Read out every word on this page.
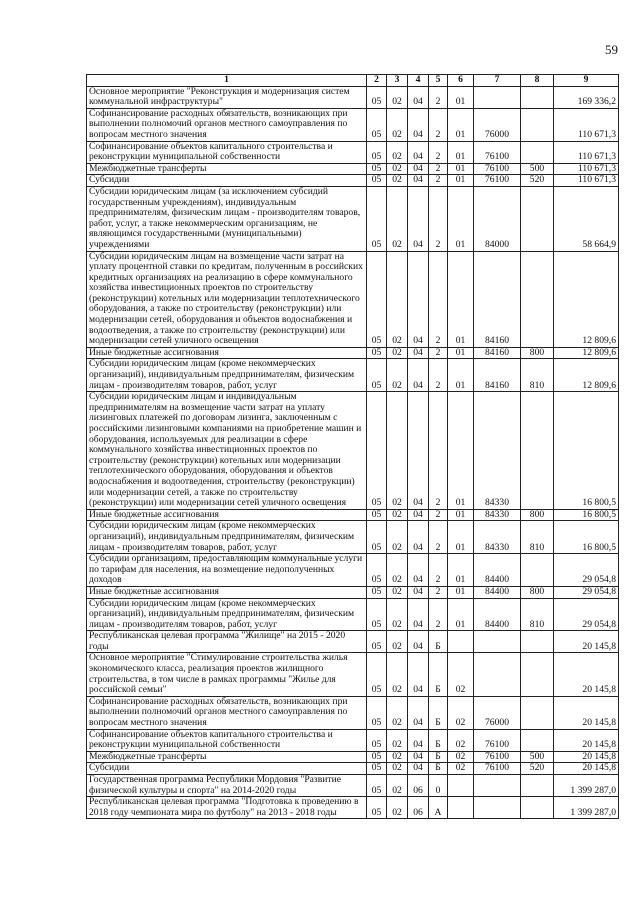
59
1	2	3	4	5	6	7	8	9
Основное мероприятие "Реконструкция и модернизация систем коммунальной инфраструктуры"	05	02	04	2	01			169 336,2
Софинансирование расходных обязательств, возникающих при выполнении полномочий органов местного самоуправления по вопросам местного значения	05	02	04	2	01	76000		110 671,3
Софинансирование объектов капитального строительства и реконструкции муниципальной собственности	05	02	04	2	01	76100		110 671,3
Межбюджетные трансферты	05	02	04	2	01	76100	500	110 671,3
Субсидии	05	02	04	2	01	76100	520	110 671,3
Субсидии юридическим лицам (за исключением субсидий государственным учреждениям), индивидуальным предпринимателям, физическим лицам - производителям товаров, работ, услуг, а также некоммерческим организациям, не являющимся государственными (муниципальными) учреждениями	05	02	04	2	01	84000		58 664,9
Субсидии юридическим лицам на возмещение части затрат на уплату процентной ставки по кредитам, полученным в российских кредитных организациях на реализацию в сфере коммунального хозяйства инвестиционных проектов по строительству (реконструкции) котельных или модернизации теплотехнического оборудования, а также по строительству (реконструкции) или модернизации сетей, оборудования и объектов водоснабжения и водоотведения, а также по строительству (реконструкции) или модернизации сетей уличного освещения	05	02	04	2	01	84160		12 809,6
Иные бюджетные ассигнования	05	02	04	2	01	84160	800	12 809,6
Субсидии юридическим лицам (кроме некоммерческих организаций), индивидуальным предпринимателям, физическим лицам - производителям товаров, работ, услуг	05	02	04	2	01	84160	810	12 809,6
Субсидии юридическим лицам и индивидуальным предпринимателям на возмещение части затрат на уплату лизинговых платежей по договорам лизинга, заключенным с российскими лизинговыми компаниями на приобретение машин и оборудования, используемых для реализации в сфере коммунального хозяйства инвестиционных проектов по строительству (реконструкции) котельных или модернизации теплотехнического оборудования, оборудования и объектов водоснабжения и водоотведения, строительству (реконструкции) или модернизации сетей, а также по строительству (реконструкции) или модернизации сетей уличного освещения	05	02	04	2	01	84330		16 800,5
Иные бюджетные ассигнования	05	02	04	2	01	84330	800	16 800,5
Субсидии юридическим лицам (кроме некоммерческих организаций), индивидуальным предпринимателям, физическим лицам - производителям товаров, работ, услуг	05	02	04	2	01	84330	810	16 800,5
Субсидии организациям, предоставляющим коммунальные услуги по тарифам для населения, на возмещение недополученных доходов	05	02	04	2	01	84400		29 054,8
Иные бюджетные ассигнования	05	02	04	2	01	84400	800	29 054,8
Субсидии юридическим лицам (кроме некоммерческих организаций), индивидуальным предпринимателям, физическим лицам - производителям товаров, работ, услуг	05	02	04	2	01	84400	810	29 054,8
Республиканская целевая программа "Жилище" на 2015 - 2020 годы	05	02	04	Б				20 145,8
Основное мероприятие "Стимулирование строительства жилья экономического класса, реализация проектов жилищного строительства, в том числе в рамках программы "Жилье для российской семьи"	05	02	04	Б	02			20 145,8
Софинансирование расходных обязательств, возникающих при выполнении полномочий органов местного самоуправления по вопросам местного значения	05	02	04	Б	02	76000		20 145,8
Софинансирование объектов капитального строительства и реконструкции муниципальной собственности	05	02	04	Б	02	76100		20 145,8
Межбюджетные трансферты	05	02	04	Б	02	76100	500	20 145,8
Субсидии	05	02	04	Б	02	76100	520	20 145,8
Государственная программа Республики Мордовия "Развитие физической культуры и спорта" на 2014-2020 годы	05	02	06	0				1 399 287,0
Республиканская целевая программа "Подготовка к проведению в 2018 году чемпионата мира по футболу" на 2013 - 2018 годы	05	02	06	А				1 399 287,0
